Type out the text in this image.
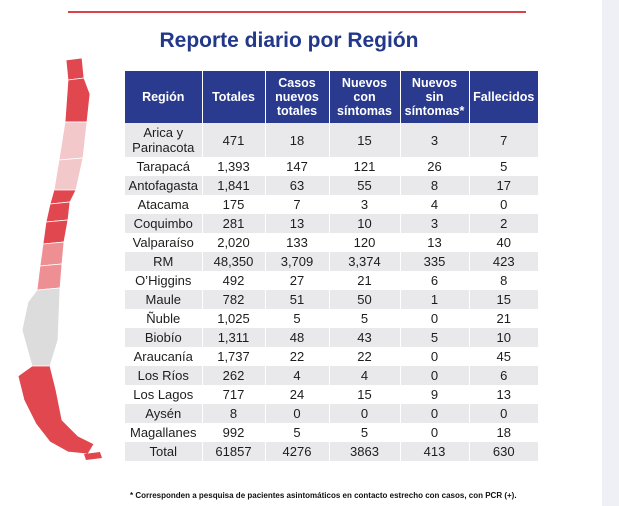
Reporte diario por Región
Región	Totales	Casos nuevos totales	Nuevos con síntomas	Nuevos sin síntomas*	Fallecidos
Arica y Parinacota	471	18	15	3	7
Tarapacá	1,393	147	121	26	5
Antofagasta	1,841	63	55	8	17
Atacama	175	7	3	4	0
Coquimbo	281	13	10	3	2
Valparaíso	2,020	133	120	13	40
RM	48,350	3,709	3,374	335	423
O’Higgins	492	27	21	6	8
Maule	782	51	50	1	15
Ñuble	1,025	5	5	0	21
Biobío	1,311	48	43	5	10
Araucanía	1,737	22	22	0	45
Los Ríos	262	4	4	0	6
Los Lagos	717	24	15	9	13
Aysén	8	0	0	0	0
Magallanes	992	5	5	0	18
Total	61857	4276	3863	413	630
* Corresponden a pesquisa de pacientes asintomáticos en contacto estrecho con casos, con PCR (+).
